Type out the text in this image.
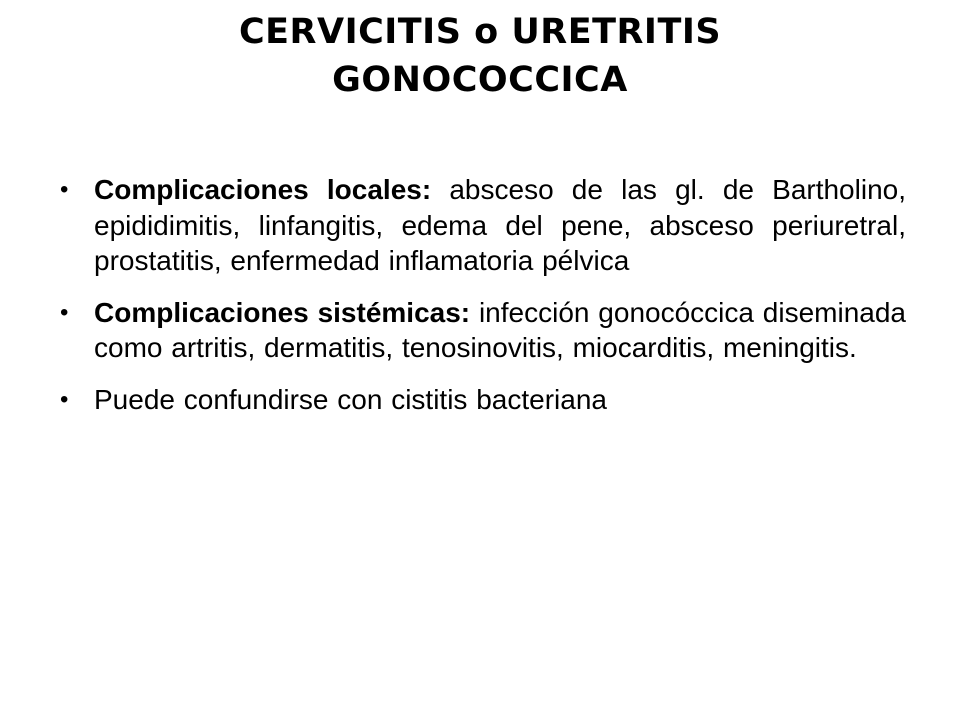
CERVICITIS o URETRITIS
GONOCOCCICA
• Complicaciones locales: absceso de las gl. de Bartholino, epididimitis, linfangitis, edema del pene, absceso periuretral, prostatitis, enfermedad inflamatoria pélvica
• Complicaciones sistémicas: infección gonocóccica diseminada como artritis, dermatitis, tenosinovitis, miocarditis, meningitis.
• Puede confundirse con cistitis bacteriana
